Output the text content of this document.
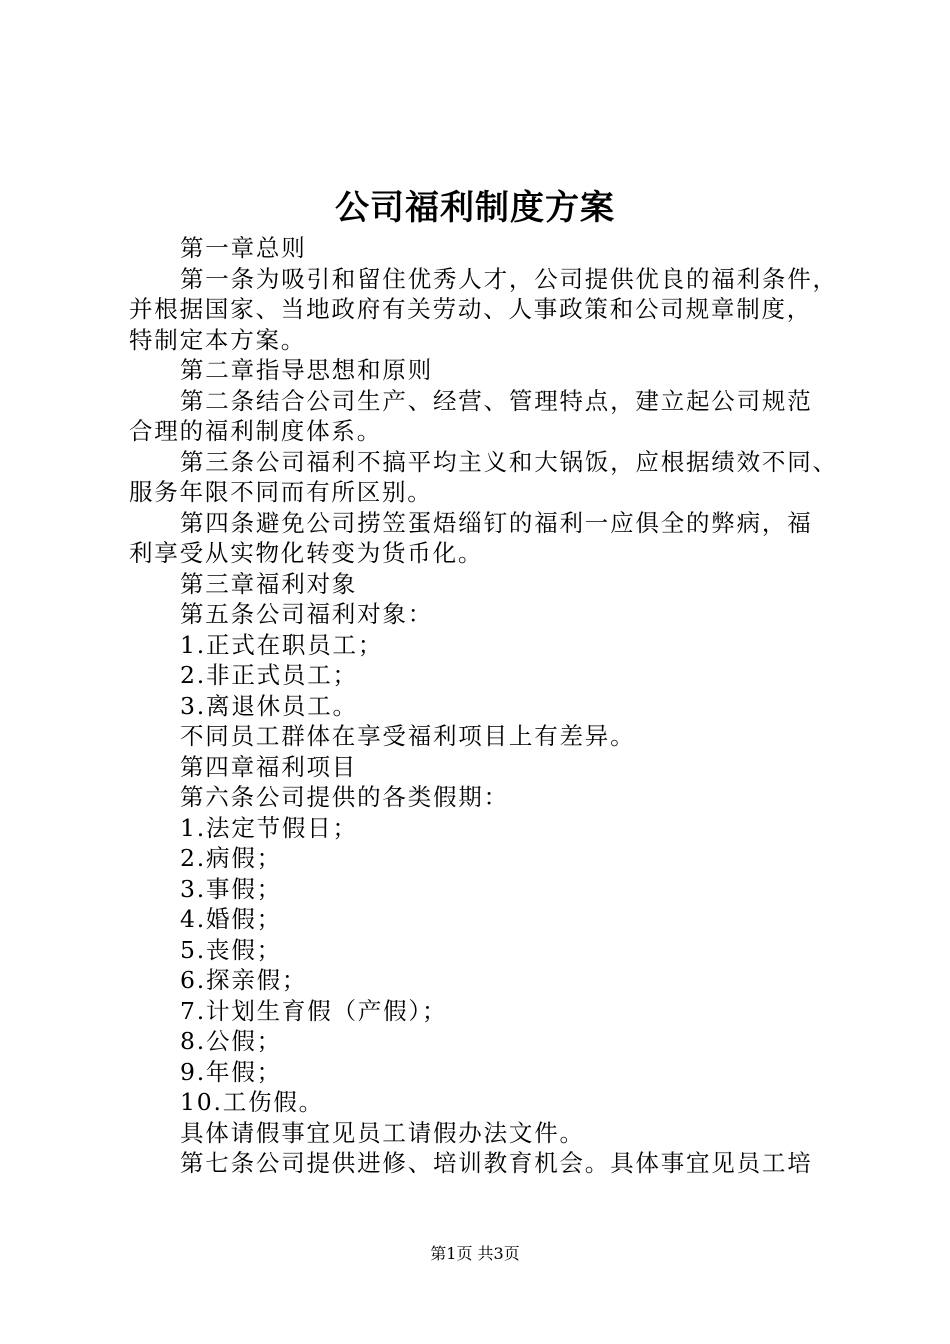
公司福利制度方案

第一章总则

第一条为吸引和留住优秀人才，公司提供优良的福利条件，

并根据国家、当地政府有关劳动、人事政策和公司规章制度，

特制定本方案。

第二章指导思想和原则

第二条结合公司生产、经营、管理特点，建立起公司规范

合理的福利制度体系。

第三条公司福利不搞平均主义和大锅饭，应根据绩效不同、

服务年限不同而有所区别。

第四条避免公司捞笠蛋焐缁钉的福利一应俱全的弊病，福

利享受从实物化转变为货币化。

第三章福利对象

第五条公司福利对象：

1.正式在职员工；

2.非正式员工；

3.离退休员工。

不同员工群体在享受福利项目上有差异。

第四章福利项目

第六条公司提供的各类假期：

1.法定节假日；

2.病假；

3.事假；

4.婚假；

5.丧假；

6.探亲假；

7.计划生育假（产假）；

8.公假；

9.年假；

10.工伤假。

具体请假事宜见员工请假办法文件。

第七条公司提供进修、培训教育机会。具体事宜见员工培

第1页 共3页
